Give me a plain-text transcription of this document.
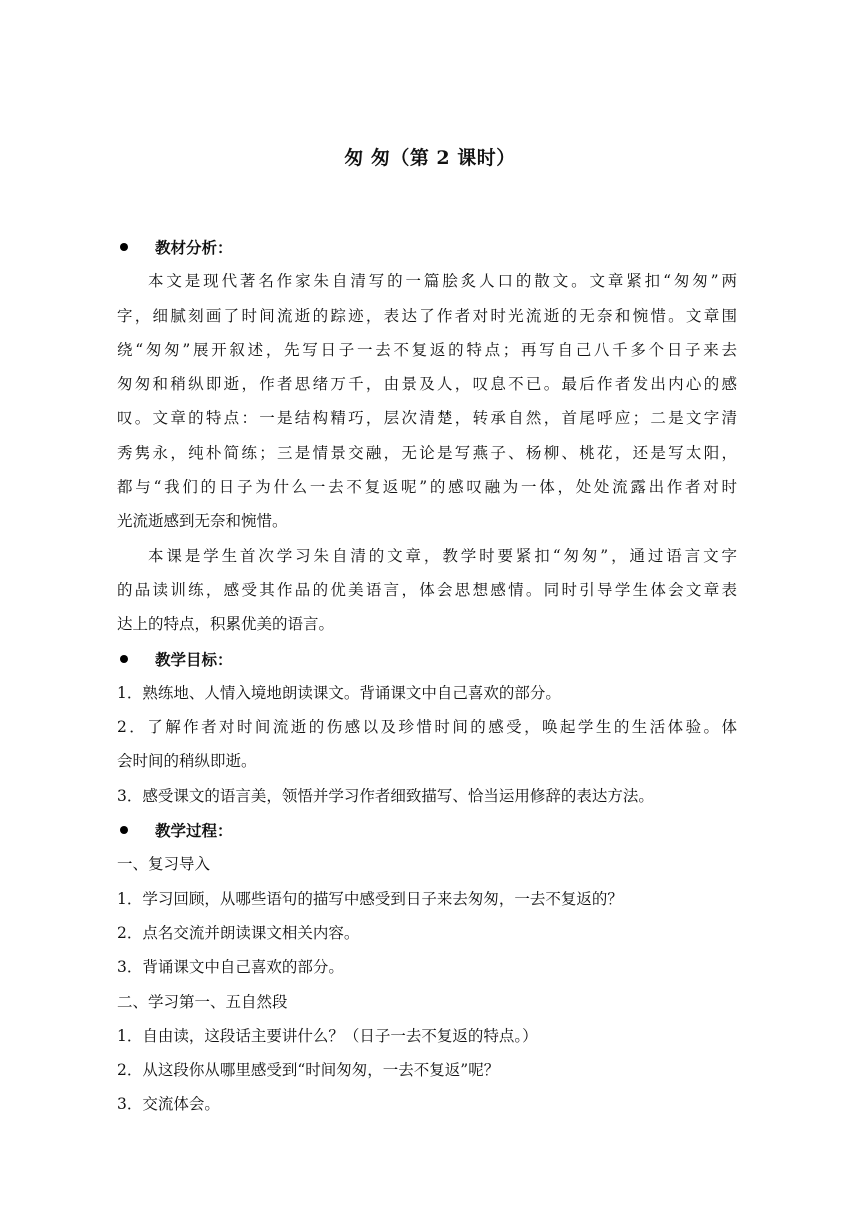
匆 匆（第 2 课时）
教材分析：
本文是现代著名作家朱自清写的一篇脍炙人口的散文。文章紧扣“匆匆”两
字，细腻刻画了时间流逝的踪迹，表达了作者对时光流逝的无奈和惋惜。文章围
绕“匆匆”展开叙述，先写日子一去不复返的特点；再写自己八千多个日子来去
匆匆和稍纵即逝，作者思绪万千，由景及人，叹息不已。最后作者发出内心的感
叹。文章的特点：一是结构精巧，层次清楚，转承自然，首尾呼应；二是文字清
秀隽永，纯朴简练；三是情景交融，无论是写燕子、杨柳、桃花，还是写太阳，
都与“我们的日子为什么一去不复返呢”的感叹融为一体，处处流露出作者对时
光流逝感到无奈和惋惜。
本课是学生首次学习朱自清的文章，教学时要紧扣“匆匆”，通过语言文字
的品读训练，感受其作品的优美语言，体会思想感情。同时引导学生体会文章表
达上的特点，积累优美的语言。
教学目标：
1．熟练地、人情入境地朗读课文。背诵课文中自己喜欢的部分。
2．了解作者对时间流逝的伤感以及珍惜时间的感受，唤起学生的生活体验。体
会时间的稍纵即逝。
3．感受课文的语言美，领悟并学习作者细致描写、恰当运用修辞的表达方法。
教学过程：
一、复习导入
1．学习回顾，从哪些语句的描写中感受到日子来去匆匆，一去不复返的？
2．点名交流并朗读课文相关内容。
3．背诵课文中自己喜欢的部分。
二、学习第一、五自然段
1．自由读，这段话主要讲什么？（日子一去不复返的特点。）
2．从这段你从哪里感受到“时间匆匆，一去不复返”呢？
3．交流体会。
